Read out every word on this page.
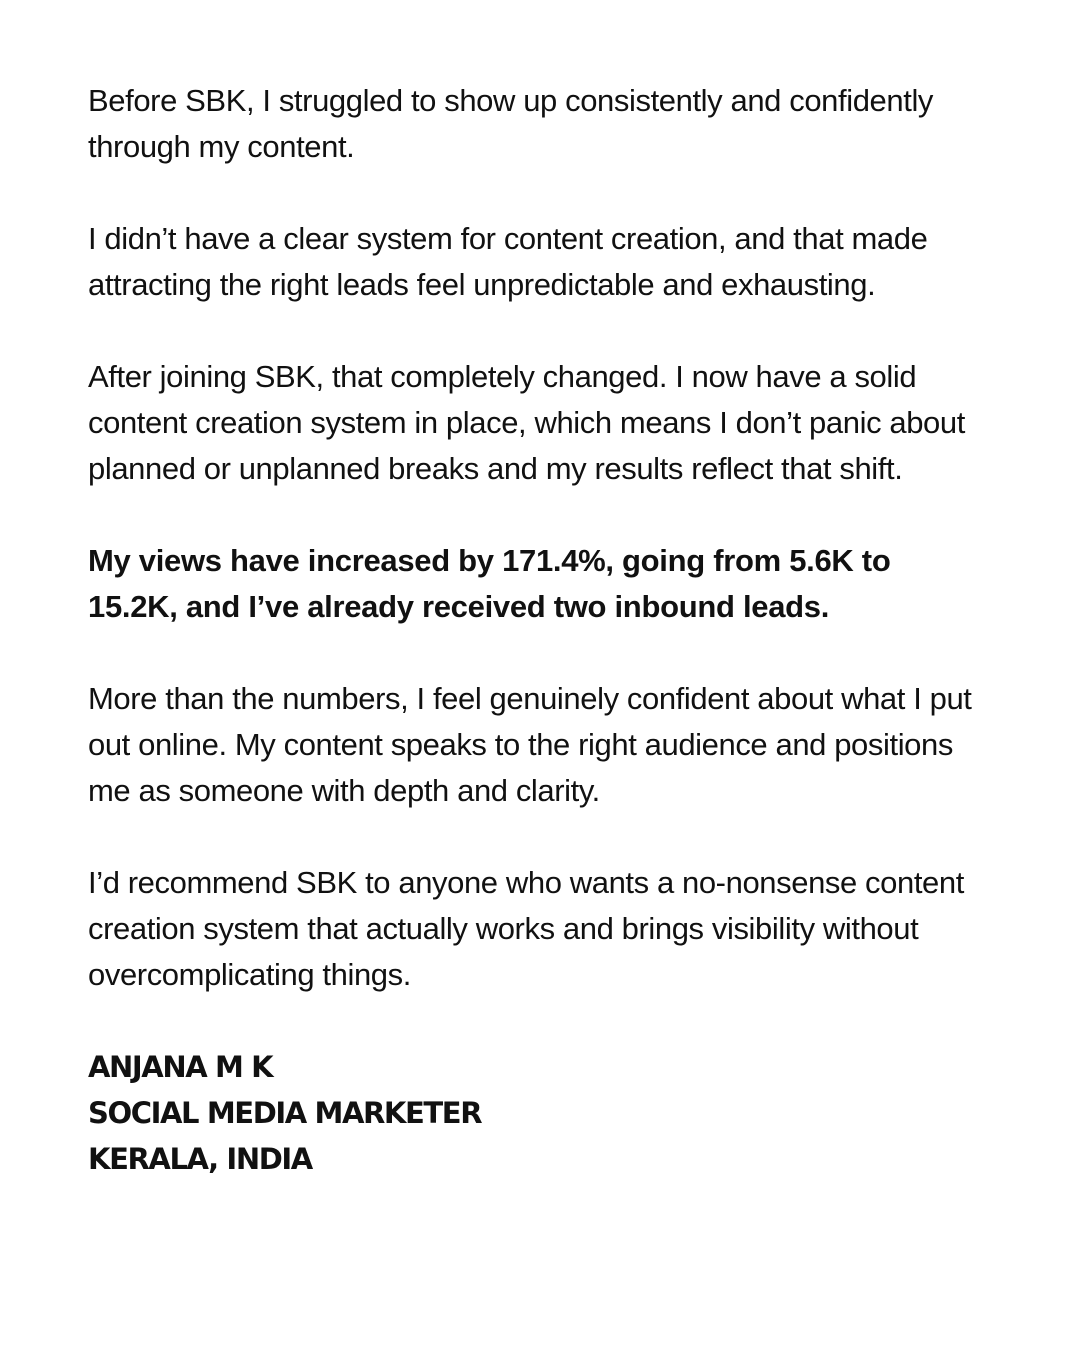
Before SBK, I struggled to show up consistently and confidently through my content.

I didn’t have a clear system for content creation, and that made attracting the right leads feel unpredictable and exhausting.

After joining SBK, that completely changed. I now have a solid content creation system in place, which means I don’t panic about planned or unplanned breaks and my results reflect that shift.

My views have increased by 171.4%, going from 5.6K to 15.2K, and I’ve already received two inbound leads.

More than the numbers, I feel genuinely confident about what I put out online. My content speaks to the right audience and positions me as someone with depth and clarity.

I’d recommend SBK to anyone who wants a no-nonsense content creation system that actually works and brings visibility without overcomplicating things.

ANJANA M K
SOCIAL MEDIA MARKETER
KERALA, INDIA
